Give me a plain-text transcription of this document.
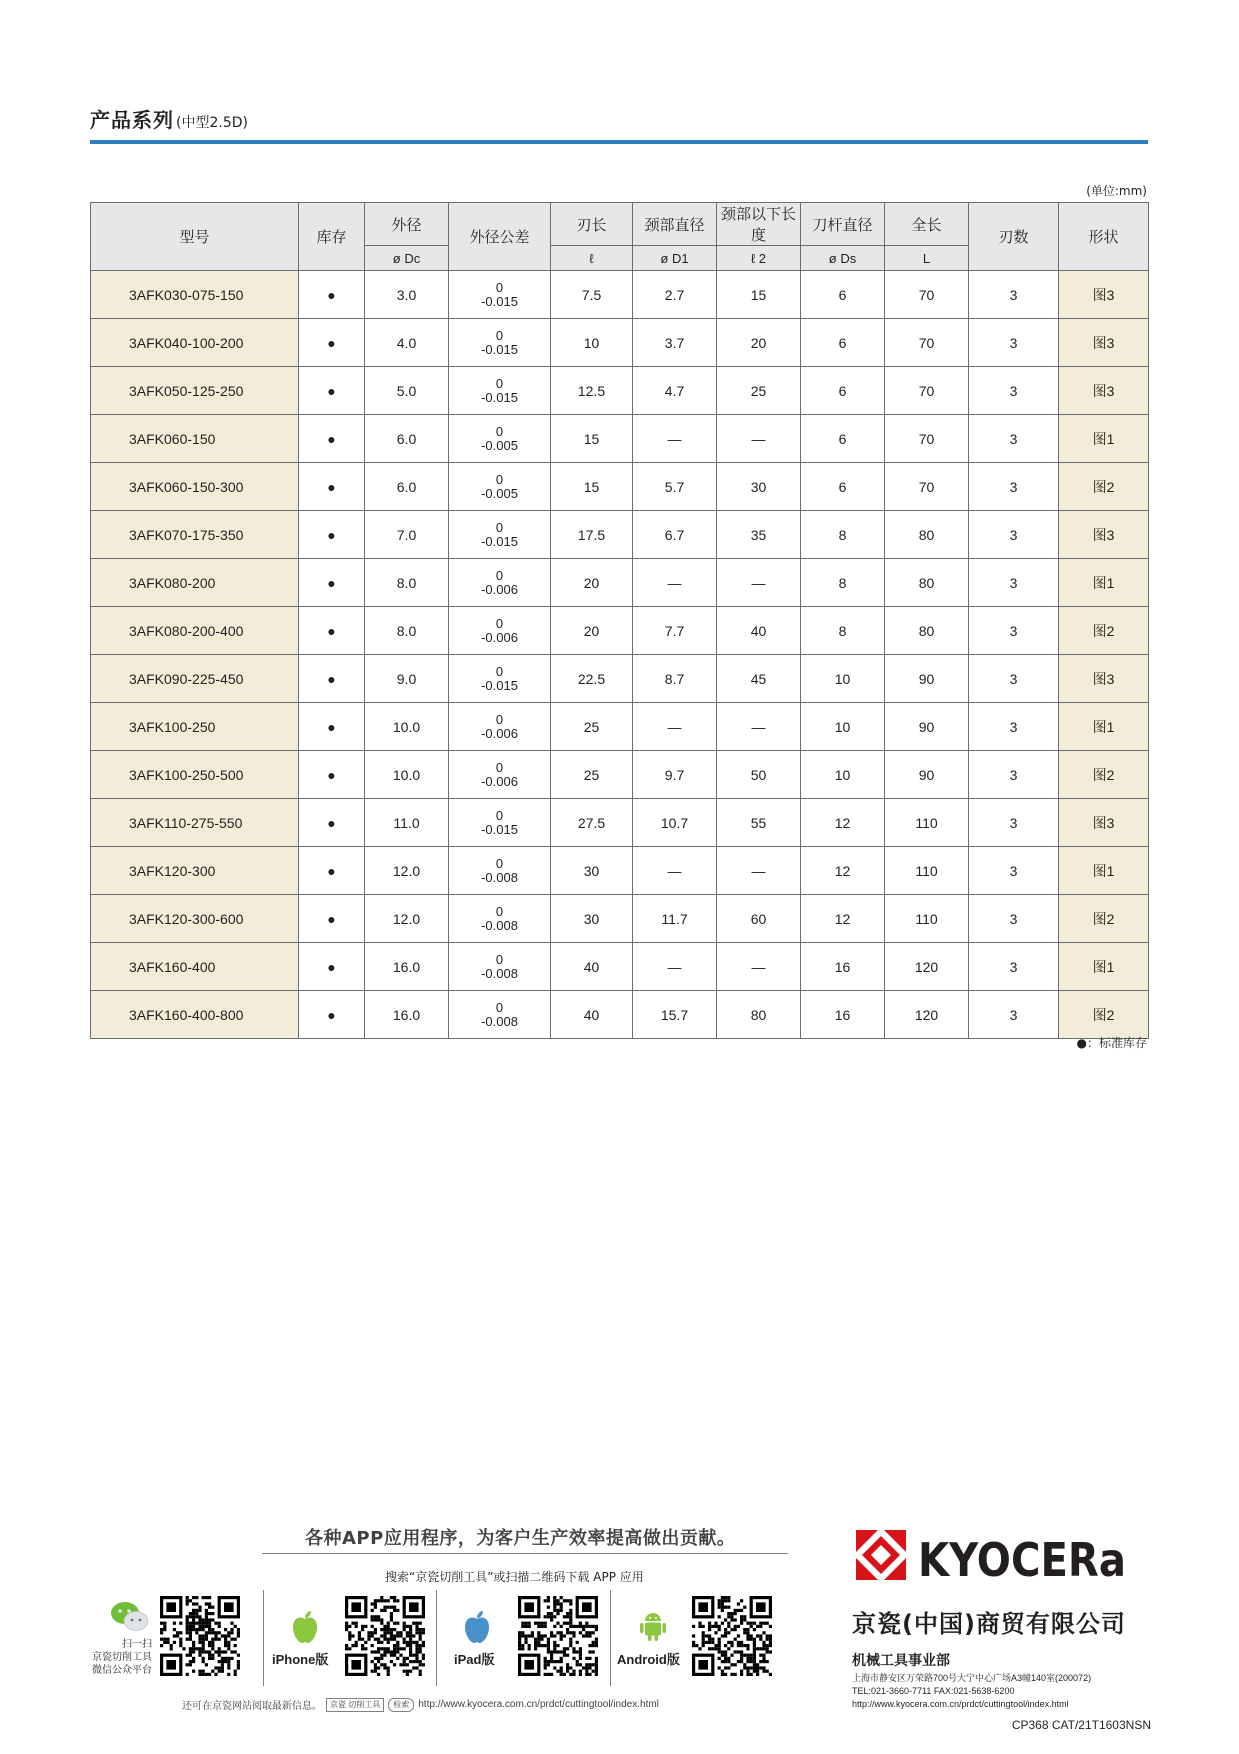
产品系列 (中型2.5D)
(单位:mm)
型号	库存	外径	外径公差	刃长	颈部直径	颈部以下长度	刀杆直径	全长	刃数	形状
		ø Dc		ℓ	ø D1	ℓ 2	ø Ds	L		
3AFK030-075-150	●	3.0	0
-0.015	7.5	2.7	15	6	70	3	图3
3AFK040-100-200	●	4.0	0
-0.015	10	3.7	20	6	70	3	图3
3AFK050-125-250	●	5.0	0
-0.015	12.5	4.7	25	6	70	3	图3
3AFK060-150	●	6.0	0
-0.005	15	—	—	6	70	3	图1
3AFK060-150-300	●	6.0	0
-0.005	15	5.7	30	6	70	3	图2
3AFK070-175-350	●	7.0	0
-0.015	17.5	6.7	35	8	80	3	图3
3AFK080-200	●	8.0	0
-0.006	20	—	—	8	80	3	图1
3AFK080-200-400	●	8.0	0
-0.006	20	7.7	40	8	80	3	图2
3AFK090-225-450	●	9.0	0
-0.015	22.5	8.7	45	10	90	3	图3
3AFK100-250	●	10.0	0
-0.006	25	—	—	10	90	3	图1
3AFK100-250-500	●	10.0	0
-0.006	25	9.7	50	10	90	3	图2
3AFK110-275-550	●	11.0	0
-0.015	27.5	10.7	55	12	110	3	图3
3AFK120-300	●	12.0	0
-0.008	30	—	—	12	110	3	图1
3AFK120-300-600	●	12.0	0
-0.008	30	11.7	60	12	110	3	图2
3AFK160-400	●	16.0	0
-0.008	40	—	—	16	120	3	图1
3AFK160-400-800	●	16.0	0
-0.008	40	15.7	80	16	120	3	图2
●：标准库存
各种APP应用程序，为客户生产效率提高做出贡献。
搜索“京瓷切削工具”或扫描二维码下载 APP 应用
扫一扫
京瓷切削工具
微信公众平台
iPhone版	iPad版	Android版
还可在京瓷网站阅取最新信息。	京瓷 切削工具	检索 http://www.kyocera.com.cn/prdct/cuttingtool/index.html
KYOCERa
京瓷(中国)商贸有限公司
机械工具事业部
上海市静安区万荣路700号大宁中心广场A3幢140室(200072)
TEL:021-3660-7711 FAX:021-5638-6200
http://www.kyocera.com.cn/prdct/cuttingtool/index.html
CP368 CAT/21T1603NSN
